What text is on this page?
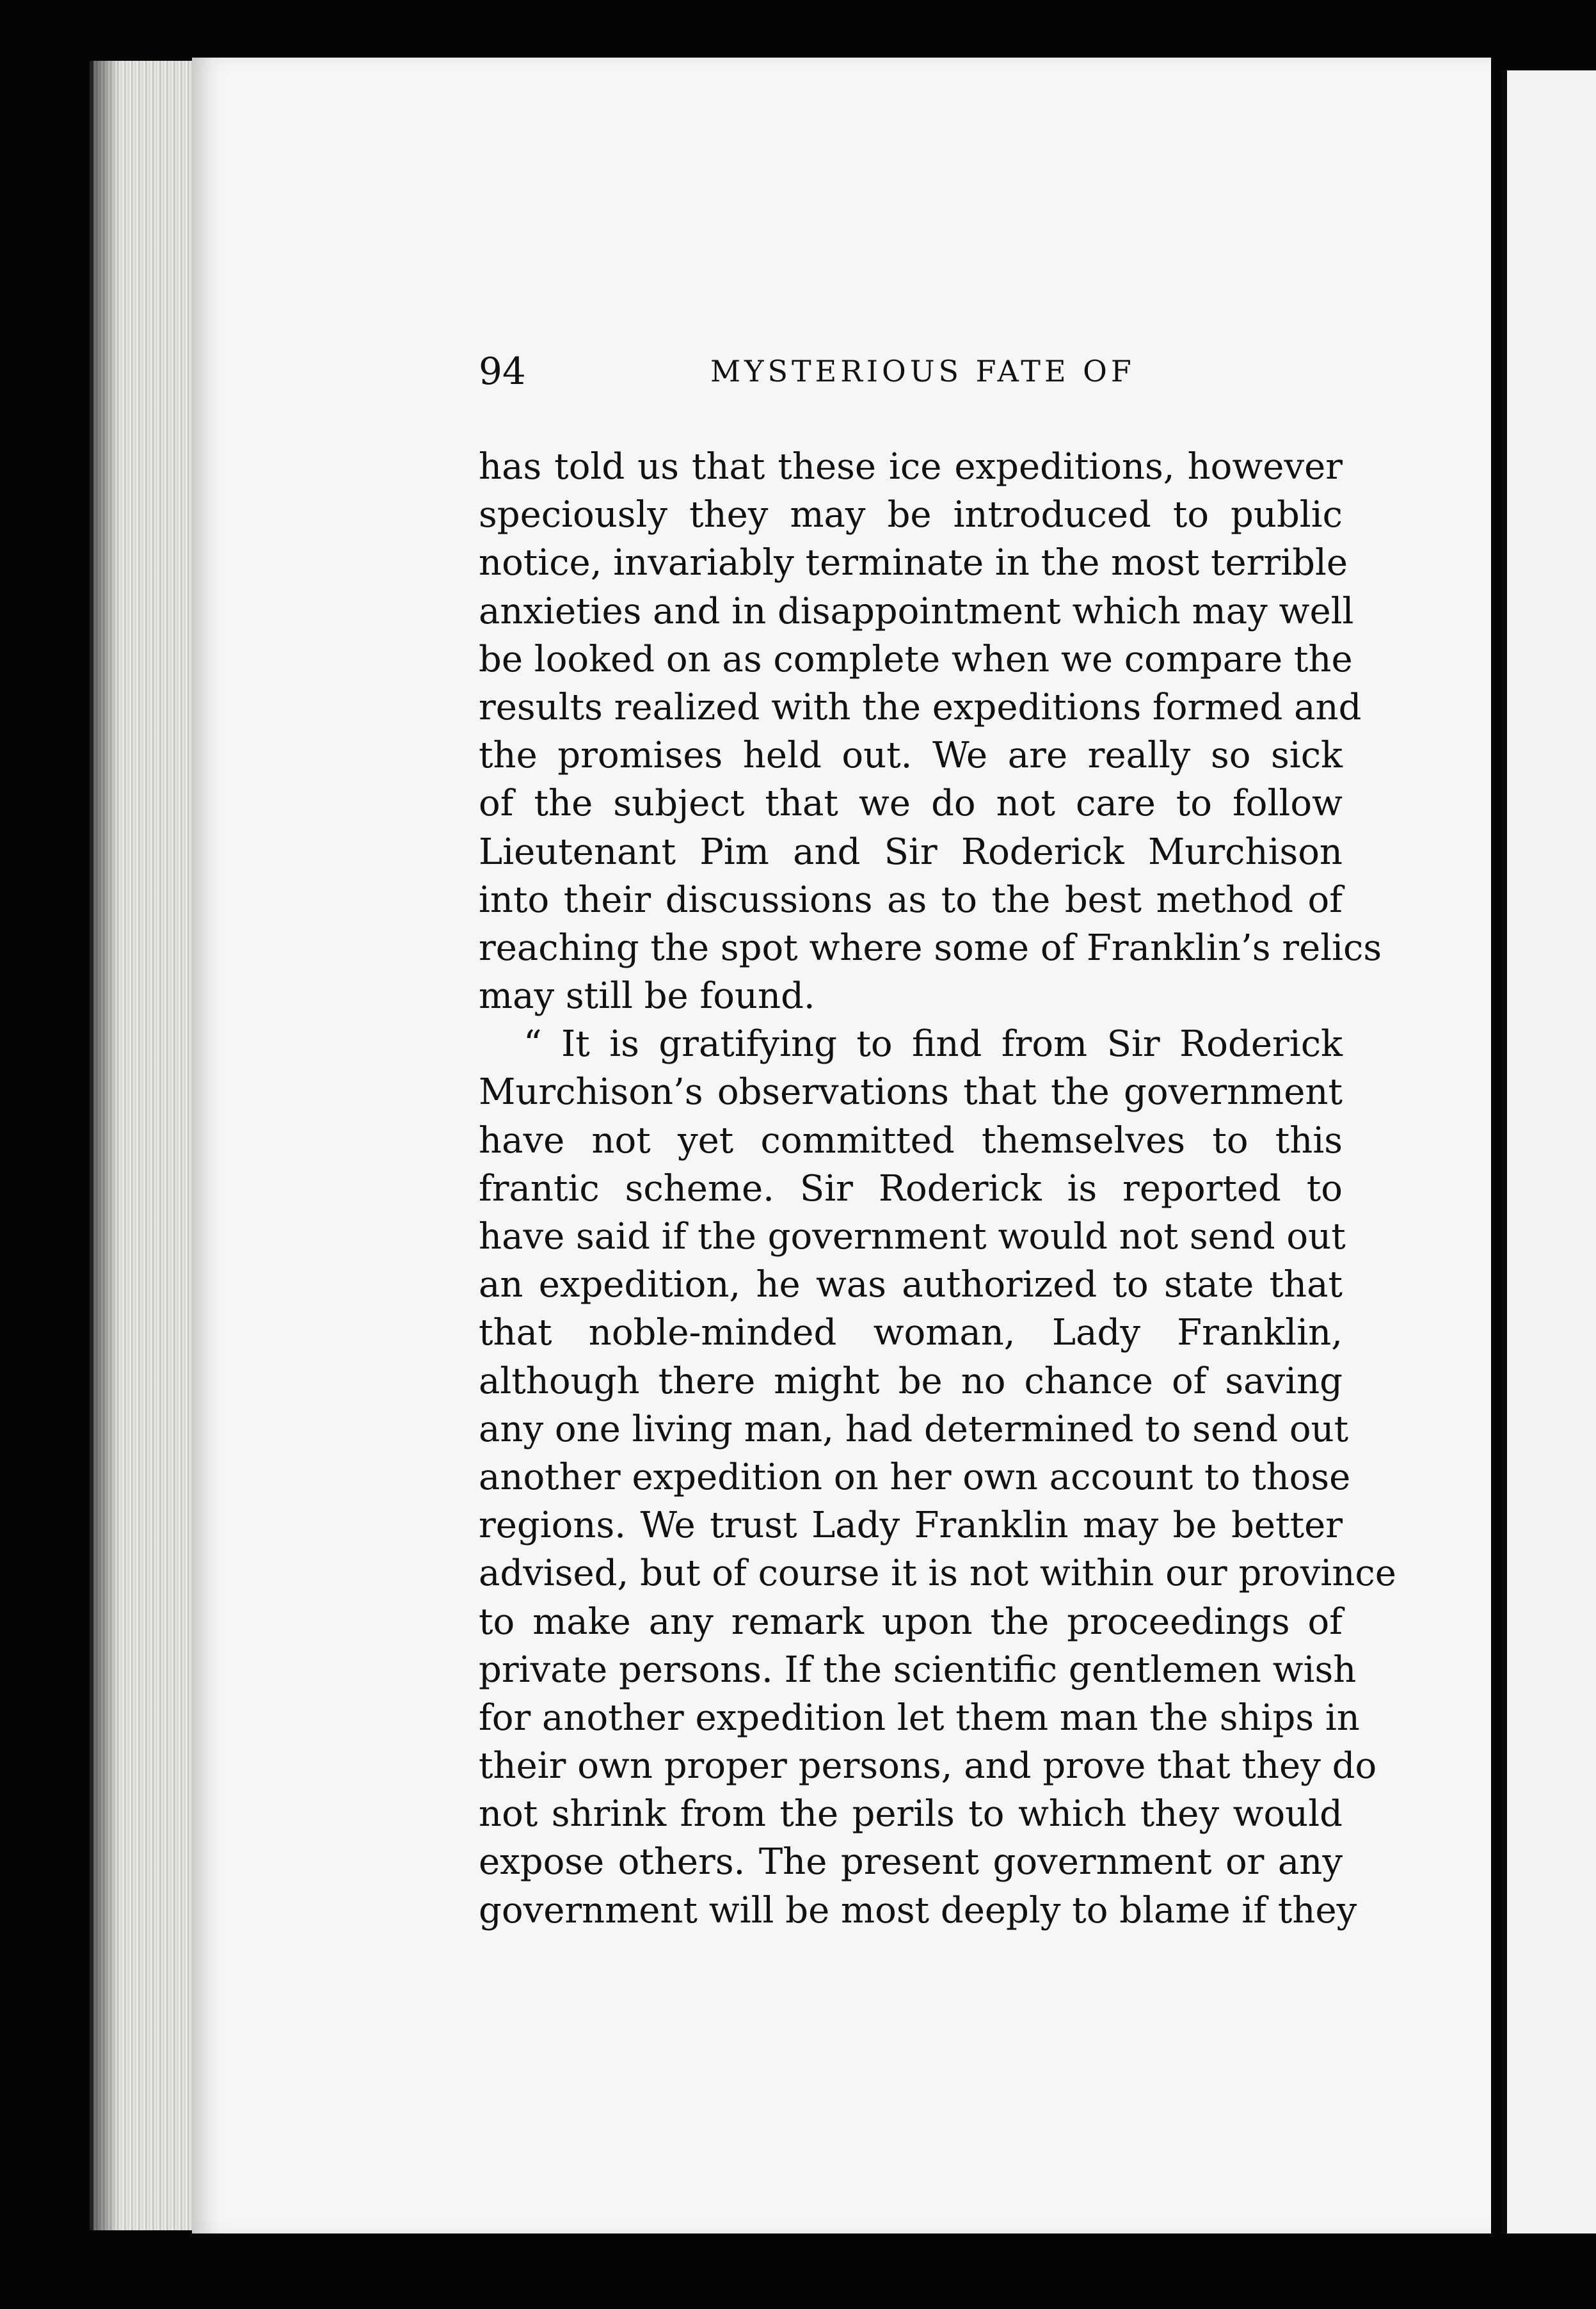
94	MYSTERIOUS FATE OF
has told us that these ice expeditions, however
speciously they may be introduced to public
notice, invariably terminate in the most terrible
anxieties and in disappointment which may well
be looked on as complete when we compare the
results realized with the expeditions formed and
the promises held out. We are really so sick
of the subject that we do not care to follow
Lieutenant Pim and Sir Roderick Murchison
into their discussions as to the best method of
reaching the spot where some of Franklin’s relics
may still be found.
“ It is gratifying to find from Sir Roderick
Murchison’s observations that the government
have not yet committed themselves to this
frantic scheme. Sir Roderick is reported to
have said if the government would not send out
an expedition, he was authorized to state that
that noble-minded woman, Lady Franklin,
although there might be no chance of saving
any one living man, had determined to send out
another expedition on her own account to those
regions. We trust Lady Franklin may be better
advised, but of course it is not within our province
to make any remark upon the proceedings of
private persons. If the scientific gentlemen wish
for another expedition let them man the ships in
their own proper persons, and prove that they do
not shrink from the perils to which they would
expose others. The present government or any
government will be most deeply to blame if they
